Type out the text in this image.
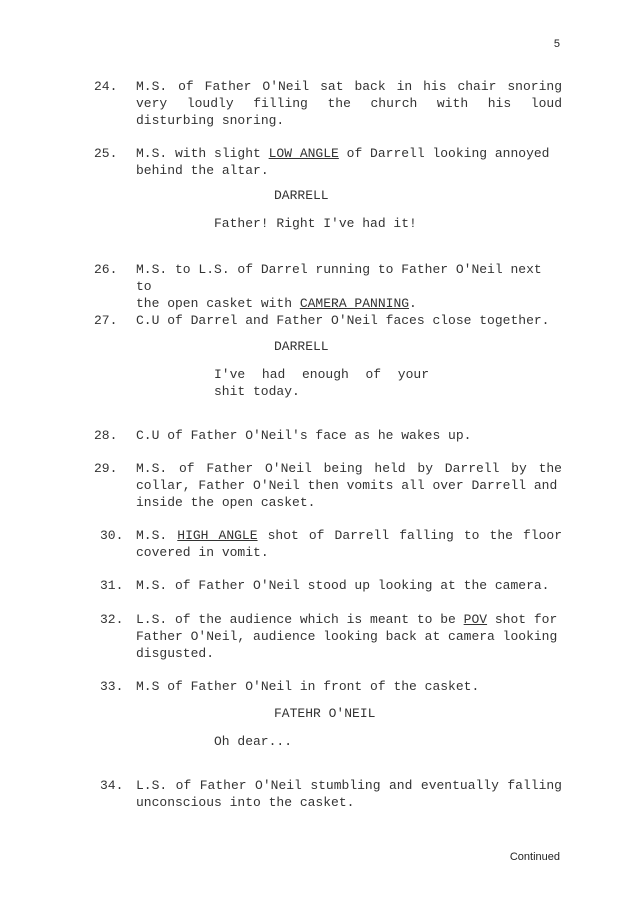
5
24. M.S. of Father O'Neil sat back in his chair snoring
very loudly filling the church with his loud
disturbing snoring.
25. M.S. with slight LOW ANGLE of Darrell looking annoyed
behind the altar.
DARRELL
Father! Right I've had it!
26. M.S. to L.S. of Darrel running to Father O'Neil next to
the open casket with CAMERA PANNING.
27. C.U of Darrel and Father O'Neil faces close together.
DARRELL
I've had enough of your
shit today.
28. C.U of Father O'Neil's face as he wakes up.
29. M.S. of Father O'Neil being held by Darrell by the
collar, Father O'Neil then vomits all over Darrell and
inside the open casket.
30. M.S. HIGH ANGLE shot of Darrell falling to the floor
covered in vomit.
31. M.S. of Father O'Neil stood up looking at the camera.
32. L.S. of the audience which is meant to be POV shot for
Father O'Neil, audience looking back at camera looking
disgusted.
33. M.S of Father O'Neil in front of the casket.
FATEHR O'NEIL
Oh dear...
34. L.S. of Father O'Neil stumbling and eventually falling
unconscious into the casket.
Continued
